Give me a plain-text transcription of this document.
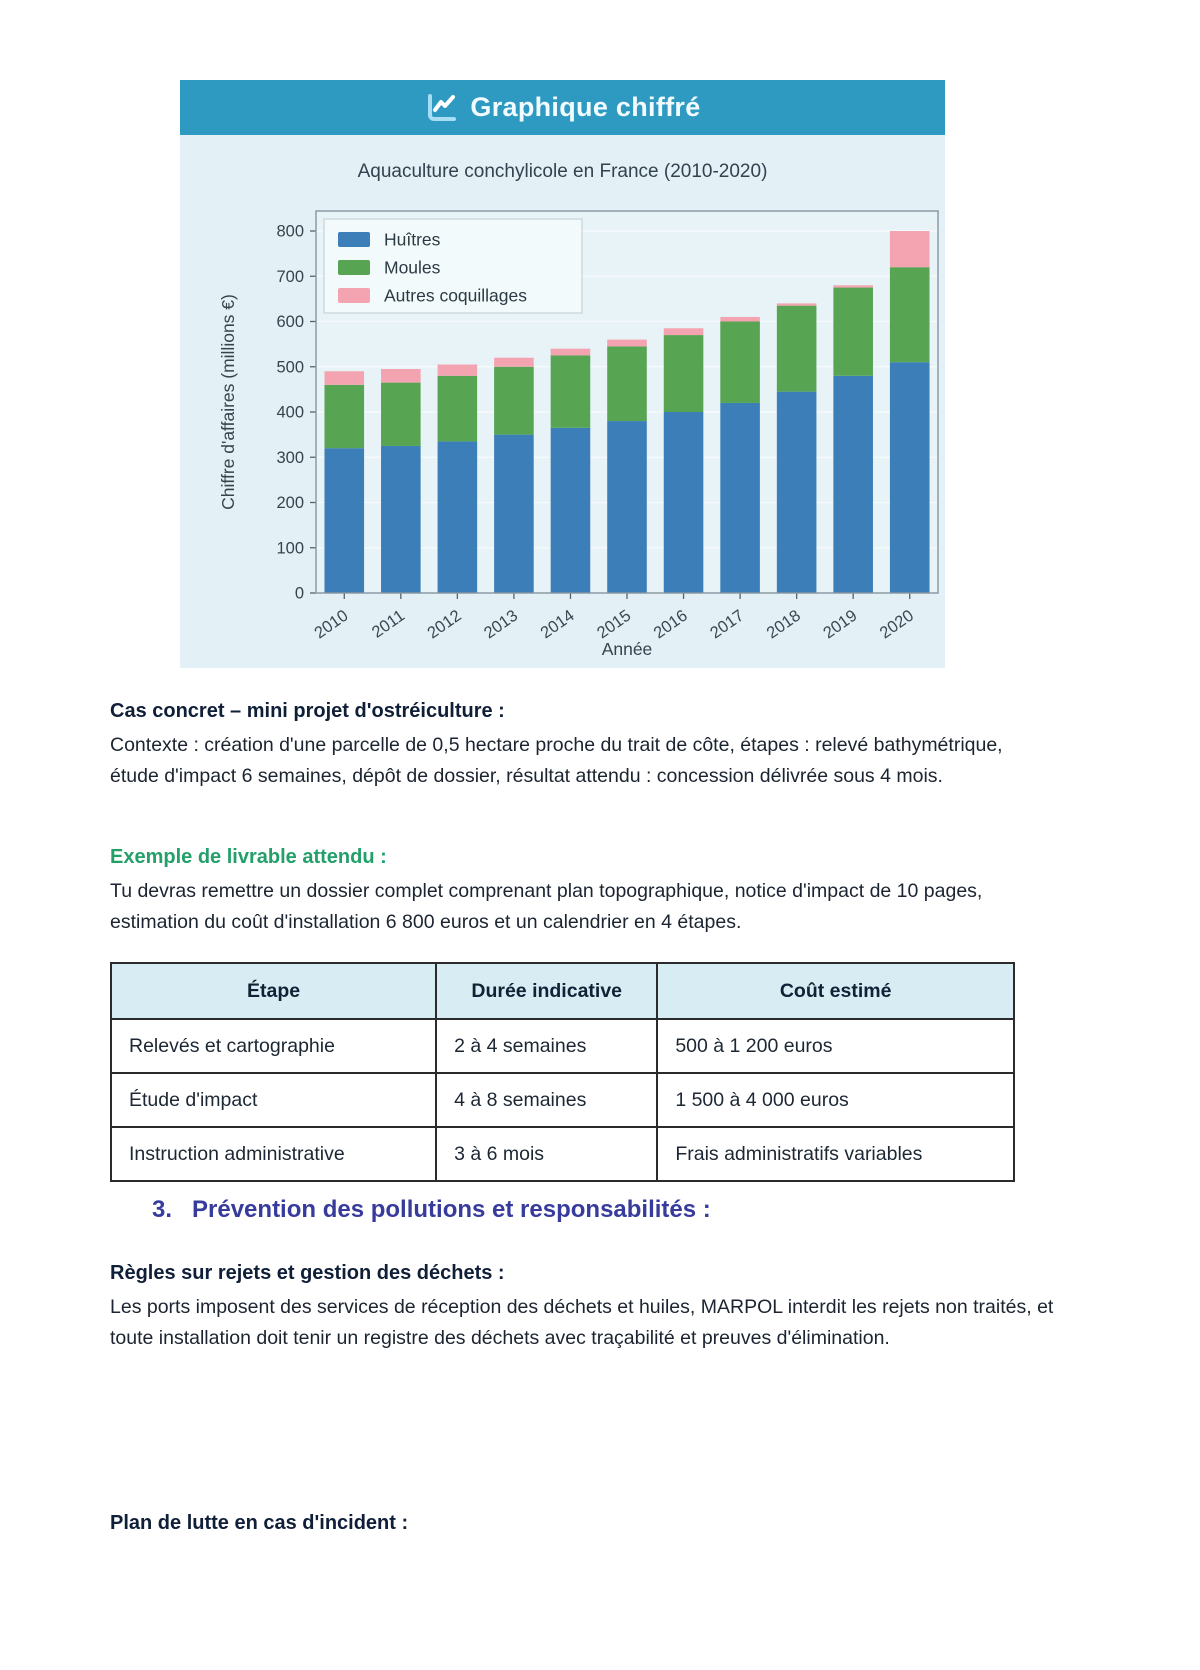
Graphique chiffré
2010 2011 2012 2013 2014 2015 2016 2017 2018 2019 2020
0
100
200
300
400
500
600
700
800
Année
Chiffre d'affaires (millions €)
Huîtres
Moules
Autres coquillages
Aquaculture conchylicole en France (2010-2020)
Cas concret – mini projet d'ostréiculture :

Contexte : création d'une parcelle de 0,5 hectare proche du trait de côte, étapes : relevé bathymétrique, étude d'impact 6 semaines, dépôt de dossier, résultat attendu : concession délivrée sous 4 mois.

Exemple de livrable attendu :

Tu devras remettre un dossier complet comprenant plan topographique, notice d'impact de 10 pages, estimation du coût d'installation 6 800 euros et un calendrier en 4 étapes.

Étape	Durée indicative	Coût estimé
Relevés et cartographie	2 à 4 semaines	500 à 1 200 euros
Étude d'impact	4 à 8 semaines	1 500 à 4 000 euros
Instruction administrative	3 à 6 mois	Frais administratifs variables
3. Prévention des pollutions et responsabilités :
Règles sur rejets et gestion des déchets :

Les ports imposent des services de réception des déchets et huiles, MARPOL interdit les rejets non traités, et toute installation doit tenir un registre des déchets avec traçabilité et preuves d'élimination.

Plan de lutte en cas d'incident :
